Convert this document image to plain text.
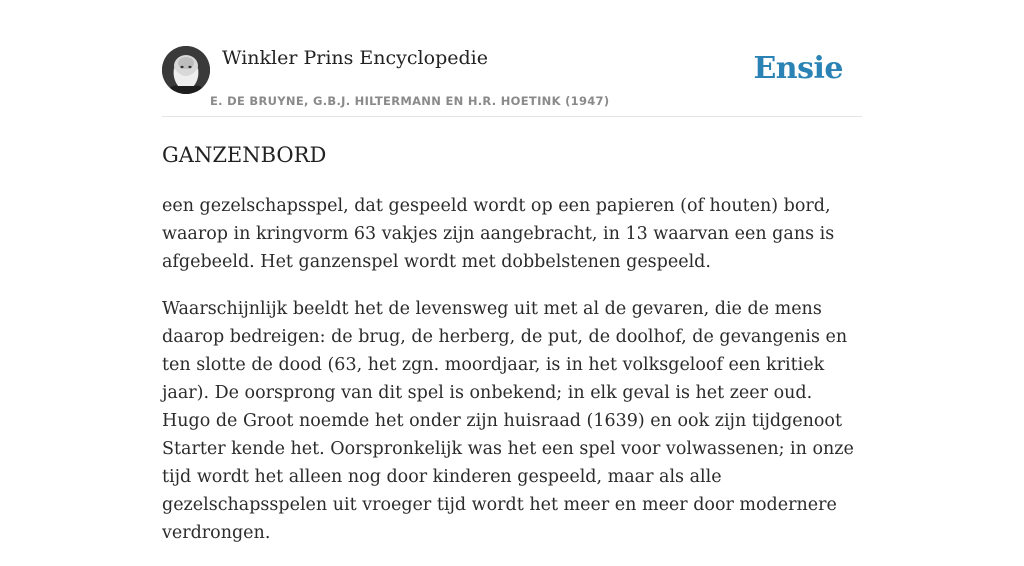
Winkler Prins Encyclopedie
E. DE BRUYNE, G.B.J. HILTERMANN EN H.R. HOETINK (1947)
Ensie
GANZENBORD

een gezelschapsspel, dat gespeeld wordt op een papieren (of houten) bord, waarop in kringvorm 63 vakjes zijn aangebracht, in 13 waarvan een gans is afgebeeld. Het ganzenspel wordt met dobbelstenen gespeeld.

Waarschijnlijk beeldt het de levensweg uit met al de gevaren, die de mens daarop bedreigen: de brug, de herberg, de put, de doolhof, de gevangenis en ten slotte de dood (63, het zgn. moordjaar, is in het volksgeloof een kritiek jaar). De oorsprong van dit spel is onbekend; in elk geval is het zeer oud. Hugo de Groot noemde het onder zijn huisraad (1639) en ook zijn tijdgenoot Starter kende het. Oorspronkelijk was het een spel voor volwassenen; in onze tijd wordt het alleen nog door kinderen gespeeld, maar als alle gezelschapsspelen uit vroeger tijd wordt het meer en meer door modernere verdrongen.
